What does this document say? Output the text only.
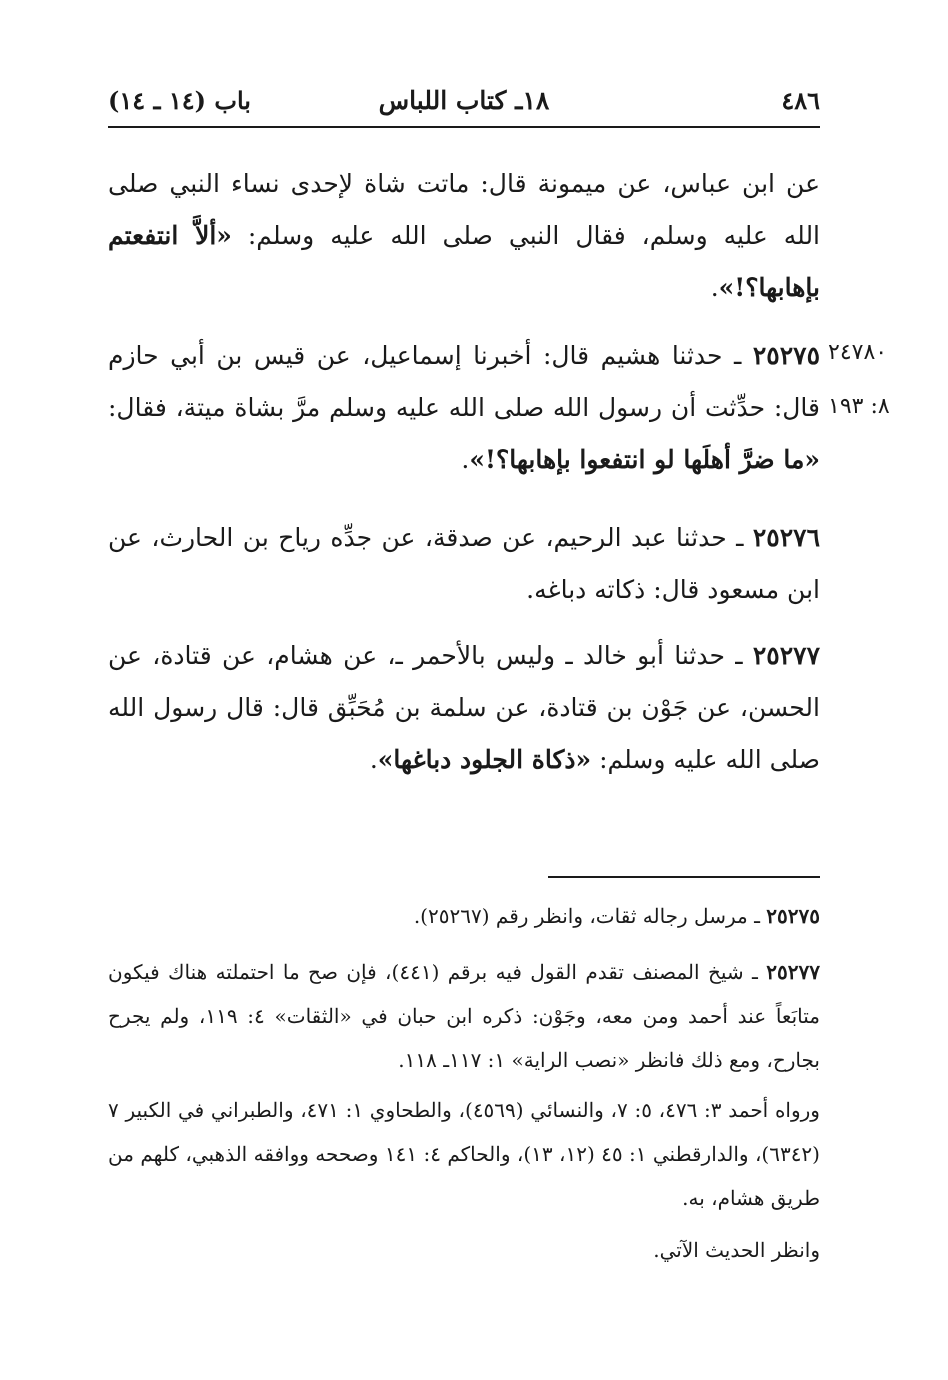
٤٨٦
١٨ـ كتاب اللباس
باب (١٤ ـ ١٤)
عن ابن عباس، عن ميمونة قال: ماتت شاة لإحدى نساء النبي صلى الله عليه وسلم، فقال النبي صلى الله عليه وسلم: «ألاَّ انتفعتم بإهابها؟!».
٢٥٢٧٥ ـ حدثنا هشيم قال: أخبرنا إسماعيل، عن قيس بن أبي حازم قال: حدِّثت أن رسول الله صلى الله عليه وسلم مرَّ بشاة ميتة، فقال: «ما ضرَّ أهلَها لو انتفعوا بإهابها؟!».
٢٤٧٨٠
٨: ١٩٣
٢٥٢٧٦ ـ حدثنا عبد الرحيم، عن صدقة، عن جدِّه رياح بن الحارث، عن ابن مسعود قال: ذكاته دباغه.
٢٥٢٧٧ ـ حدثنا أبو خالد ـ وليس بالأحمر ـ، عن هشام، عن قتادة، عن الحسن، عن جَوْن بن قتادة، عن سلمة بن مُحَبِّق قال: قال رسول الله صلى الله عليه وسلم: «ذكاة الجلود دباغها».
٢٥٢٧٥ ـ مرسل رجاله ثقات، وانظر رقم (٢٥٢٦٧).
٢٥٢٧٧ ـ شيخ المصنف تقدم القول فيه برقم (٤٤١)، فإن صح ما احتملته هناك فيكون متابَعاً عند أحمد ومن معه، وجَوْن: ذكره ابن حبان في «الثقات» ٤: ١١٩، ولم يجرح بجارح، ومع ذلك فانظر «نصب الراية» ١: ١١٧ـ ١١٨.
ورواه أحمد ٣: ٤٧٦، ٥: ٧، والنسائي (٤٥٦٩)، والطحاوي ١: ٤٧١، والطبراني في الكبير ٧ (٦٣٤٢)، والدارقطني ١: ٤٥ (١٢، ١٣)، والحاكم ٤: ١٤١ وصححه ووافقه الذهبي، كلهم من طريق هشام، به.
وانظر الحديث الآتي.
